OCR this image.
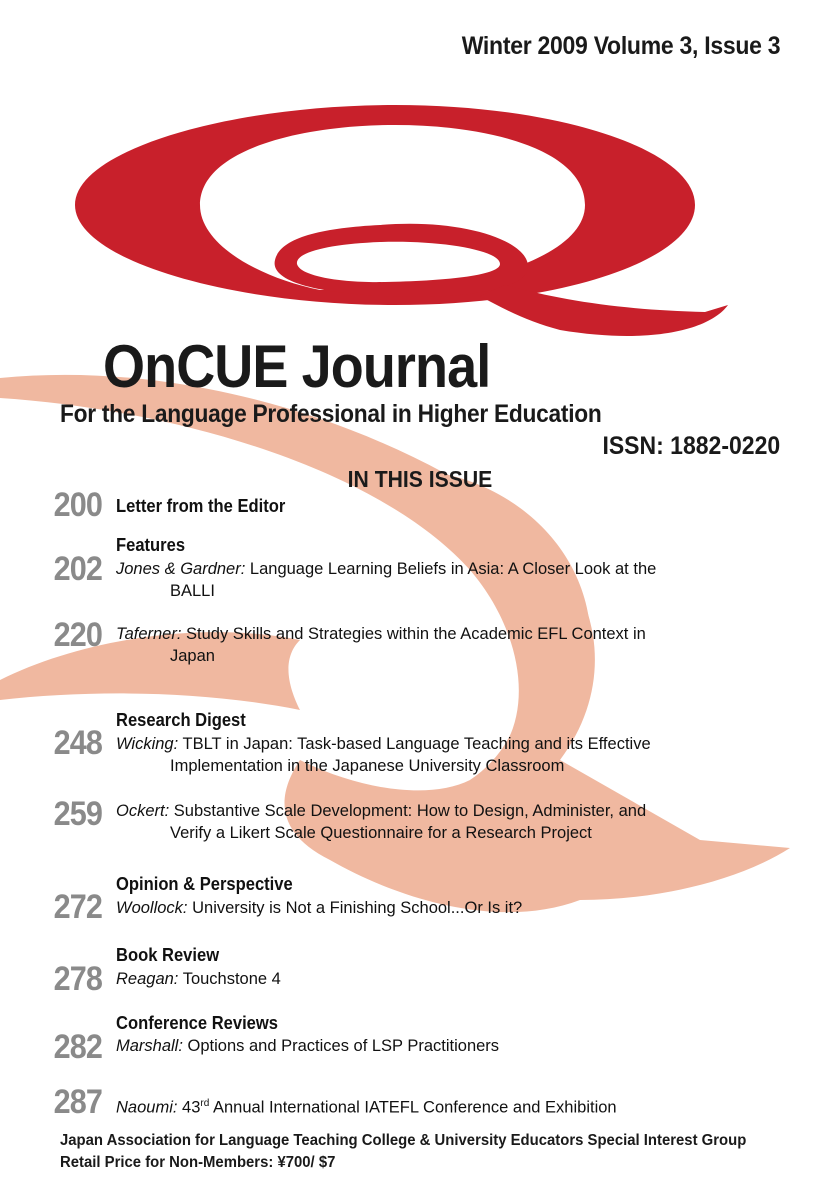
Winter 2009 Volume 3, Issue 3
OnCUE Journal
For the Language Professional in Higher Education
ISSN: 1882-0220
IN THIS ISSUE
200 Letter from the Editor
Features
202 Jones & Gardner: Language Learning Beliefs in Asia: A Closer Look at the
BALLI
220 Taferner: Study Skills and Strategies within the Academic EFL Context in
Japan
Research Digest
248 Wicking: TBLT in Japan: Task-based Language Teaching and its Effective
Implementation in the Japanese University Classroom
259 Ockert: Substantive Scale Development: How to Design, Administer, and
Verify a Likert Scale Questionnaire for a Research Project
Opinion & Perspective
272 Woollock: University is Not a Finishing School...Or Is it?
Book Review
278 Reagan: Touchstone 4
Conference Reviews
282 Marshall: Options and Practices of LSP Practitioners
287 Naoumi: 43rd Annual International IATEFL Conference and Exhibition
Japan Association for Language Teaching College & University Educators Special Interest Group
Retail Price for Non-Members: ¥700/ $7
